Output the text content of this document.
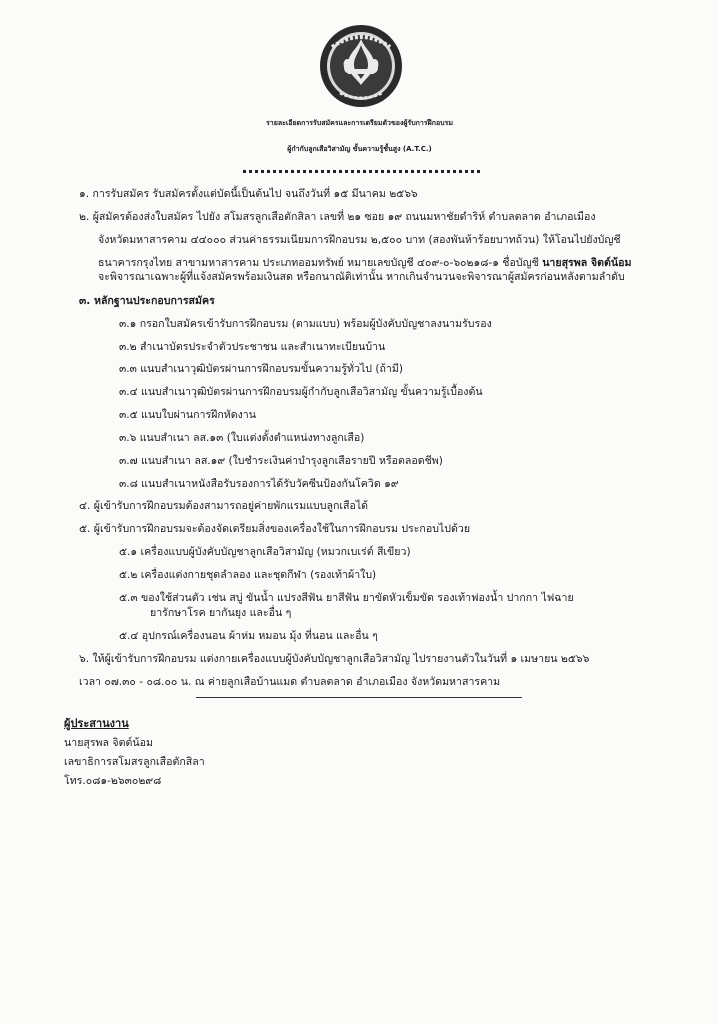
รายละเอียดการรับสมัครและการเตรียมตัวของผู้รับการฝึกอบรม
ผู้กำกับลูกเสือวิสามัญ ขั้นความรู้ชั้นสูง (A.T.C.)
๑. การรับสมัคร รับสมัครตั้งแต่บัดนี้เป็นต้นไป จนถึงวันที่ ๑๕ มีนาคม ๒๕๖๖
๒. ผู้สมัครต้องส่งใบสมัคร ไปยัง สโมสรลูกเสือตักสิลา เลขที่ ๒๑ ซอย ๑๙ ถนนมหาชัยดำริห์ ตำบลตลาด อำเภอเมือง
จังหวัดมหาสารคาม ๔๔๐๐๐ ส่วนค่าธรรมเนียมการฝึกอบรม ๒,๕๐๐ บาท (สองพันห้าร้อยบาทถ้วน) ให้โอนไปยังบัญชี
ธนาคารกรุงไทย สาขามหาสารคาม ประเภทออมทรัพย์ หมายเลขบัญชี ๔๐๙-๐-๖๐๒๑๘-๑ ชื่อบัญชี นายสุรพล จิตต์น้อม
จะพิจารณาเฉพาะผู้ที่แจ้งสมัครพร้อมเงินสด หรือกนาณัติเท่านั้น หากเกินจำนวนจะพิจารณาผู้สมัครก่อนหลังตามลำดับ
๓. หลักฐานประกอบการสมัคร
๓.๑ กรอกใบสมัครเข้ารับการฝึกอบรม (ตามแบบ) พร้อมผู้บังคับบัญชาลงนามรับรอง
๓.๒ สำเนาบัตรประจำตัวประชาชน และสำเนาทะเบียนบ้าน
๓.๓ แนบสำเนาวุฒิบัตรผ่านการฝึกอบรมขั้นความรู้ทั่วไป (ถ้ามี)
๓.๔ แนบสำเนาวุฒิบัตรผ่านการฝึกอบรมผู้กำกับลูกเสือวิสามัญ ขั้นความรู้เบื้องต้น
๓.๕ แนบใบผ่านการฝึกหัดงาน
๓.๖ แนบสำเนา ลส.๑๓ (ใบแต่งตั้งตำแหน่งทางลูกเสือ)
๓.๗ แนบสำเนา ลส.๑๙ (ใบชำระเงินค่าบำรุงลูกเสือรายปี หรือตลอดชีพ)
๓.๘ แนบสำเนาหนังสือรับรองการได้รับวัคซีนป้องกันโควิด ๑๙
๔. ผู้เข้ารับการฝึกอบรมต้องสามารถอยู่ค่ายพักแรมแบบลูกเสือได้
๕. ผู้เข้ารับการฝึกอบรมจะต้องจัดเตรียมสิ่งของเครื่องใช้ในการฝึกอบรม ประกอบไปด้วย
๕.๑ เครื่องแบบผู้บังคับบัญชาลูกเสือวิสามัญ (หมวกเบเร่ต์ สีเขียว)
๕.๒ เครื่องแต่งกายชุดลำลอง และชุดกีฬา (รองเท้าผ้าใบ)
๕.๓ ของใช้ส่วนตัว เช่น สบู่ ขันน้ำ แปรงสีฟัน ยาสีฟัน ยาขัดหัวเข็มขัด รองเท้าฟองน้ำ ปากกา ไฟฉาย
ยารักษาโรค ยากันยุง และอื่น ๆ
๕.๔ อุปกรณ์เครื่องนอน ผ้าห่ม หมอน มุ้ง ที่นอน และอื่น ๆ
๖. ให้ผู้เข้ารับการฝึกอบรม แต่งกายเครื่องแบบผู้บังคับบัญชาลูกเสือวิสามัญ ไปรายงานตัวในวันที่ ๑ เมษายน ๒๕๖๖
เวลา ๐๗.๓๐ - ๐๘.๐๐ น. ณ ค่ายลูกเสือบ้านแมด ตำบลตลาด อำเภอเมือง จังหวัดมหาสารคาม
ผู้ประสานงาน
นายสุรพล จิตต์น้อม
เลขาธิการสโมสรลูกเสือตักสิลา
โทร.๐๘๑-๒๖๓๐๒๙๘
